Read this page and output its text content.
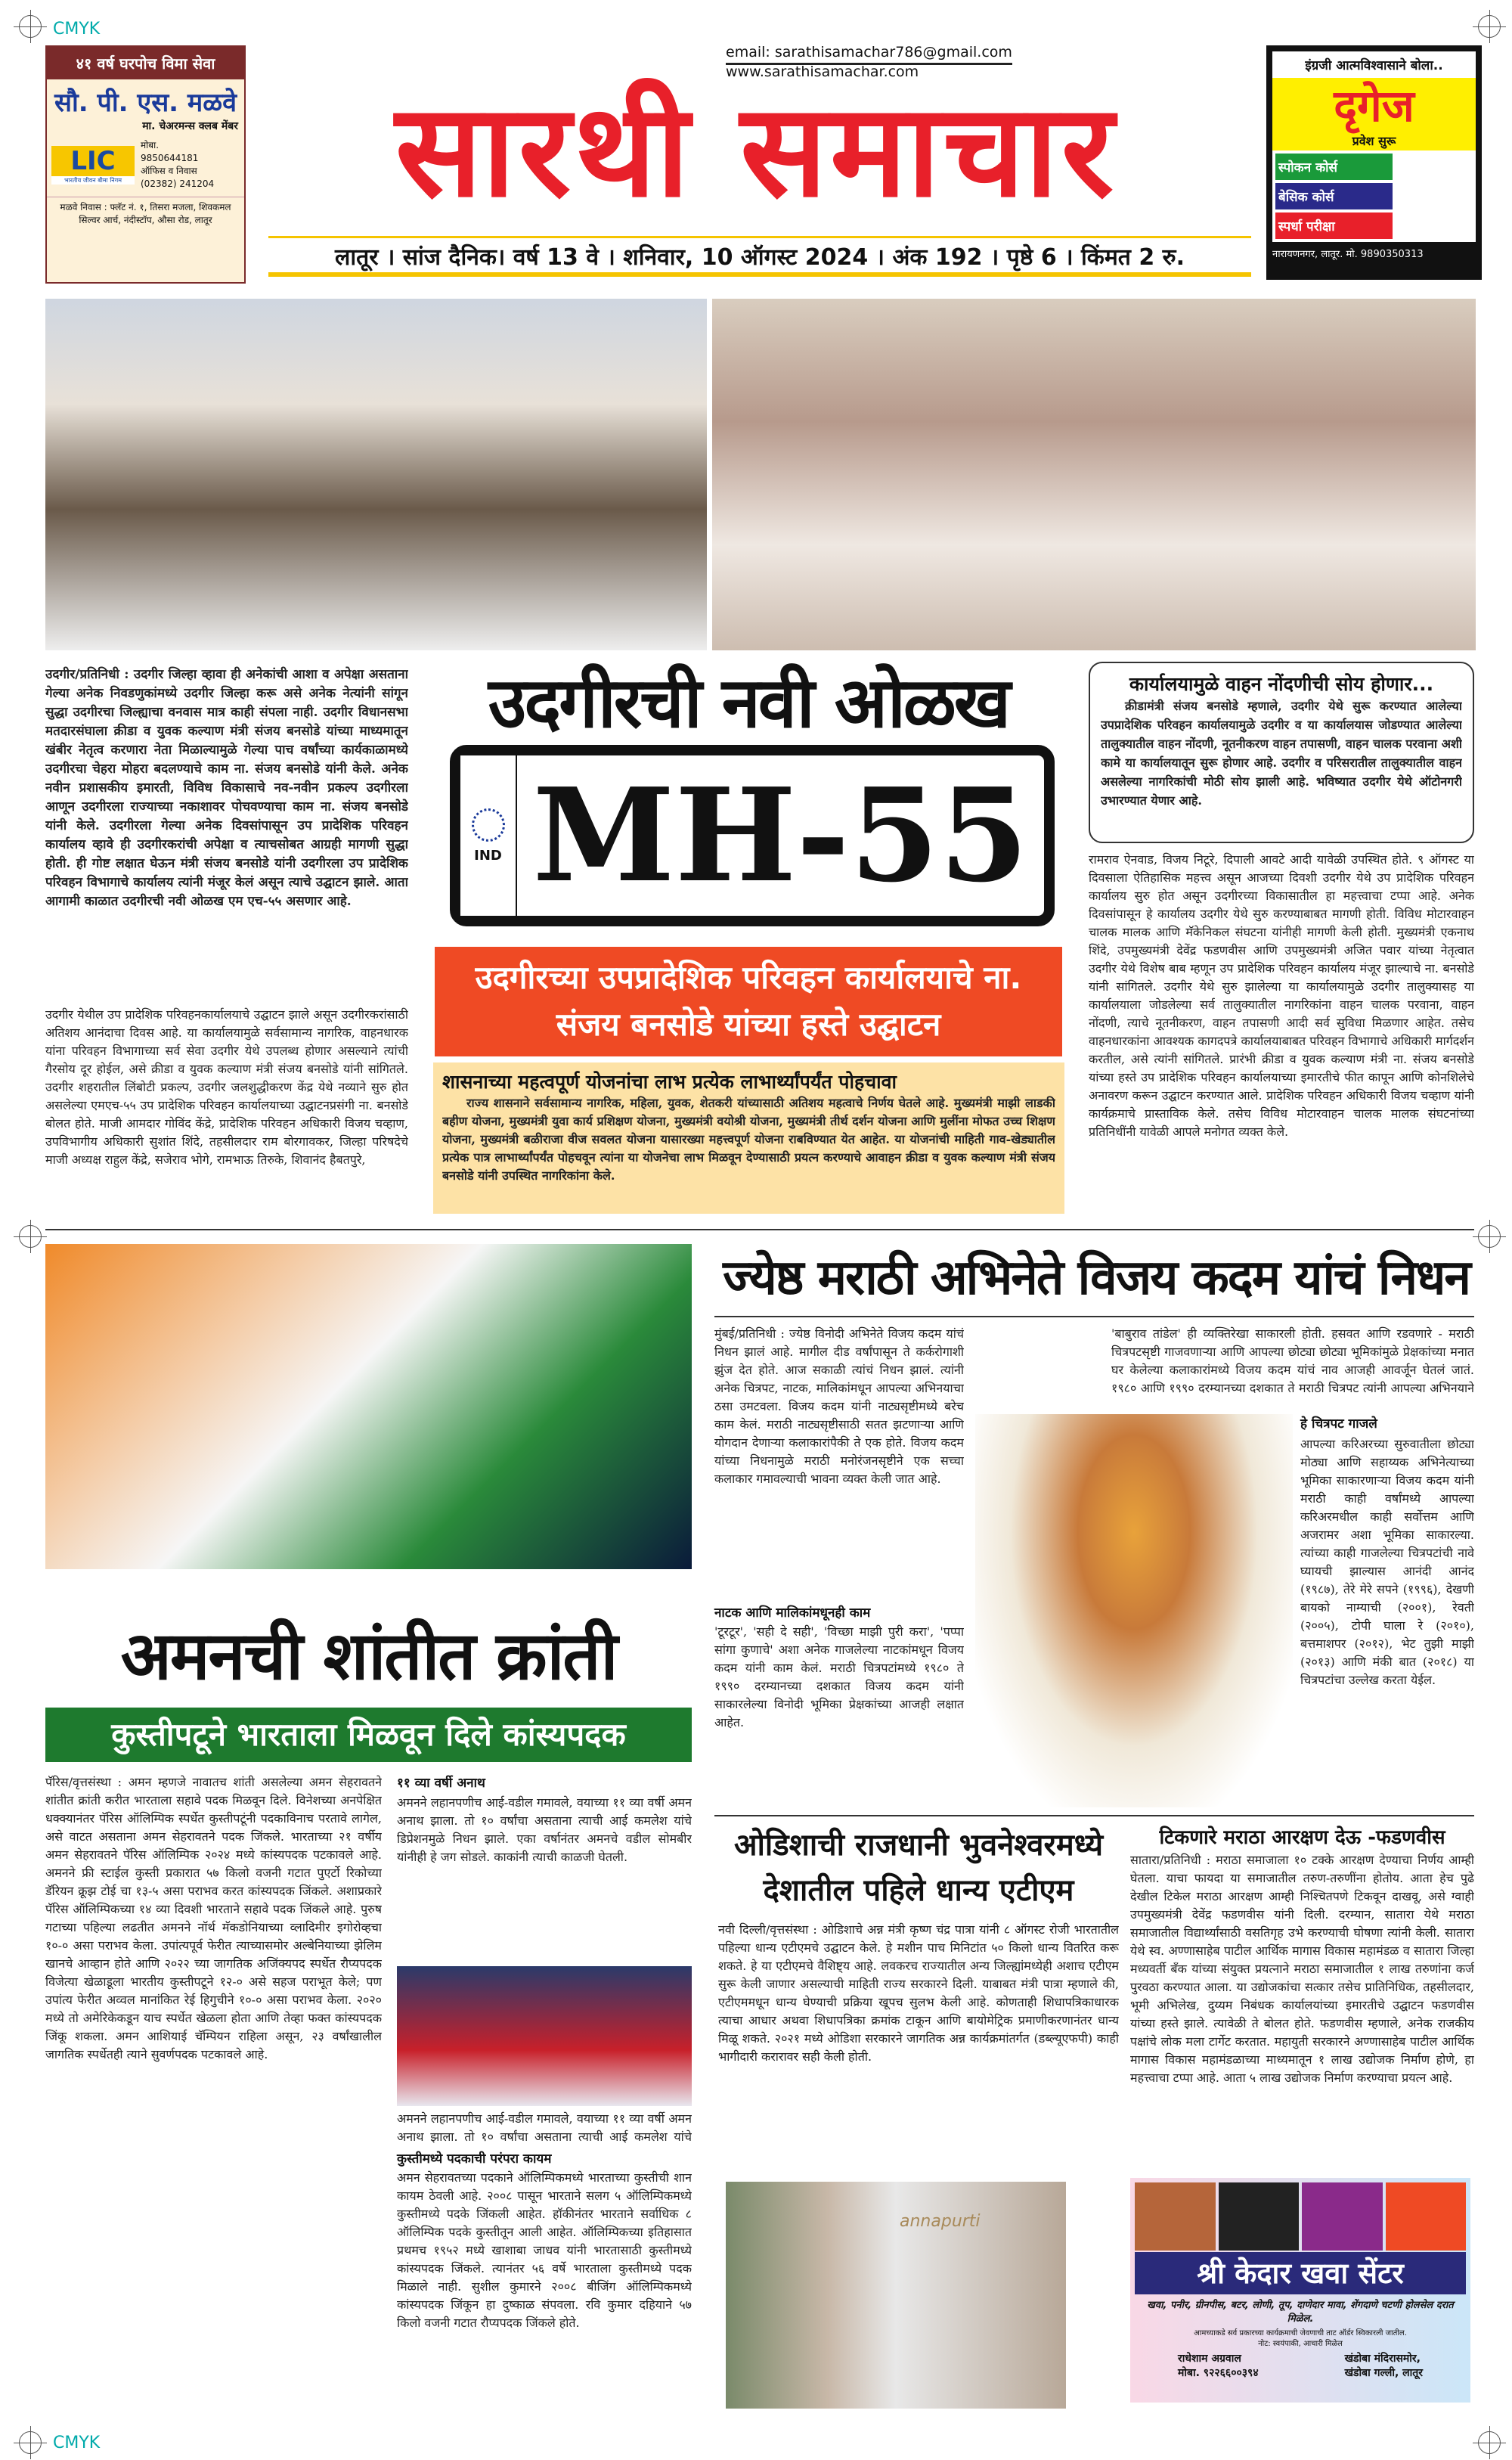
CMYK
CMYK
४१ वर्ष घरपोच विमा सेवा
सौ. पी. एस. मळवे
मा. चेअरमन्स क्लब मेंबर
LIC
भारतीय जीवन बीमा निगम
मोबा.
9850644181
ऑफिस व निवास
(02382) 241204
मळवे निवास : फ्लॅट नं. १, तिसरा मजला, शिवकमल सिल्वर आर्च, नंदीस्टॉप, औसा रोड, लातूर
email: sarathisamachar786@gmail.com
www.sarathisamachar.com
सारथी समाचार
लातूर । सांज दैनिक। वर्ष 13 वे । शनिवार, 10 ऑगस्ट 2024 । अंक 192 । पृष्ठे 6 । किंमत 2 रु.
इंग्रजी आत्मविश्वासाने बोला..
दृगेज
प्रवेश सुरू
स्पोकन कोर्स
बेसिक कोर्स
स्पर्धा परीक्षा
नारायणनगर, लातूर. मो. 9890350313
उदगीर/प्रतिनिधी : उदगीर जिल्हा व्हावा ही अनेकांची आशा व अपेक्षा असताना गेल्या अनेक निवडणुकांमध्ये उदगीर जिल्हा करू असे अनेक नेत्यांनी सांगून सुद्धा उदगीरचा जिल्ह्याचा वनवास मात्र काही संपला नाही. उदगीर विधानसभा मतदारसंघाला क्रीडा व युवक कल्याण मंत्री संजय बनसोडे यांच्या माध्यमातून खंबीर नेतृत्व करणारा नेता मिळाल्यामुळे गेल्या पाच वर्षांच्या कार्यकाळामध्ये उदगीरचा चेहरा मोहरा बदलण्याचे काम ना. संजय बनसोडे यांनी केले. अनेक नवीन प्रशासकीय इमारती, विविध विकासाचे नव-नवीन प्रकल्प उदगीरला आणून उदगीरला राज्याच्या नकाशावर पोचवण्याचा काम ना. संजय बनसोडे यांनी केले. उदगीरला गेल्या अनेक दिवसांपासून उप प्रादेशिक परिवहन कार्यालय व्हावे ही उदगीरकरांची अपेक्षा व त्याचसोबत आग्रही मागणी सुद्धा होती. ही गोष्ट लक्षात घेऊन मंत्री संजय बनसोडे यांनी उदगीरला उप प्रादेशिक परिवहन विभागाचे कार्यालय त्यांनी मंजूर केलं असून त्याचे उद्घाटन झाले. आता आगामी काळात उदगीरची नवी ओळख एम एच-५५ असणार आहे.
उदगीर येथील उप प्रादेशिक परिवहनकार्यालयाचे उद्घाटन झाले असून उदगीरकरांसाठी अतिशय आनंदाचा दिवस आहे. या कार्यालयामुळे सर्वसामान्य नागरिक, वाहनधारक यांना परिवहन विभागाच्या सर्व सेवा उदगीर येथे उपलब्ध होणार असल्याने त्यांची गैरसोय दूर होईल, असे क्रीडा व युवक कल्याण मंत्री संजय बनसोडे यांनी सांगितले. उदगीर शहरातील लिंबोटी प्रकल्प, उदगीर जलशुद्धीकरण केंद्र येथे नव्याने सुरु होत असलेल्या एमएच-५५ उप प्रादेशिक परिवहन कार्यालयाच्या उद्घाटनप्रसंगी ना. बनसोडे बोलत होते. माजी आमदार गोविंद केंद्रे, प्रादेशिक परिवहन अधिकारी विजय चव्हाण, उपविभागीय अधिकारी सुशांत शिंदे, तहसीलदार राम बोरगावकर, जिल्हा परिषदेचे माजी अध्यक्ष राहुल केंद्रे, सजेराव भोगे, रामभाऊ तिरुके, शिवानंद हैबतपुरे,
उदगीरची नवी ओळख
IND MH-55
उदगीरच्या उपप्रादेशिक परिवहन कार्यालयाचे ना. संजय बनसोडे यांच्या हस्ते उद्घाटन
शासनाच्या महत्वपूर्ण योजनांचा लाभ प्रत्येक लाभार्थ्यांपर्यंत पोहचावा
राज्य शासनाने सर्वसामान्य नागरिक, महिला, युवक, शेतकरी यांच्यासाठी अतिशय महत्वाचे निर्णय घेतले आहे. मुख्यमंत्री माझी लाडकी बहीण योजना, मुख्यमंत्री युवा कार्य प्रशिक्षण योजना, मुख्यमंत्री वयोश्री योजना, मुख्यमंत्री तीर्थ दर्शन योजना आणि मुलींना मोफत उच्च शिक्षण योजना, मुख्यमंत्री बळीराजा वीज सवलत योजना यासारख्या महत्त्वपूर्ण योजना राबविण्यात येत आहेत. या योजनांची माहिती गाव-खेड्यातील प्रत्येक पात्र लाभार्थ्यांपर्यंत पोहचवून त्यांना या योजनेचा लाभ मिळवून देण्यासाठी प्रयत्न करण्याचे आवाहन क्रीडा व युवक कल्याण मंत्री संजय बनसोडे यांनी उपस्थित नागरिकांना केले.
कार्यालयामुळे वाहन नोंदणीची सोय होणार...
क्रीडामंत्री संजय बनसोडे म्हणाले, उदगीर येथे सुरू करण्यात आलेल्या उपप्रादेशिक परिवहन कार्यालयामुळे उदगीर व या कार्यालयास जोडण्यात आलेल्या तालुक्यातील वाहन नोंदणी, नूतनीकरण वाहन तपासणी, वाहन चालक परवाना अशी कामे या कार्यालयातून सुरू होणार आहे. उदगीर व परिसरातील तालुक्यातील वाहन असलेल्या नागरिकांची मोठी सोय झाली आहे. भविष्यात उदगीर येथे ऑटोनगरी उभारण्यात येणार आहे.
रामराव ऐनवाड, विजय निटूरे, दिपाली आवटे आदी यावेळी उपस्थित होते. ९ ऑगस्ट या दिवसाला ऐतिहासिक महत्त्व असून आजच्या दिवशी उदगीर येथे उप प्रादेशिक परिवहन कार्यालय सुरु होत असून उदगीरच्या विकासातील हा महत्त्वाचा टप्पा आहे. अनेक दिवसांपासून हे कार्यालय उदगीर येथे सुरु करण्याबाबत मागणी होती. विविध मोटारवाहन चालक मालक आणि मॅकेनिकल संघटना यांनीही मागणी केली होती. मुख्यमंत्री एकनाथ शिंदे, उपमुख्यमंत्री देवेंद्र फडणवीस आणि उपमुख्यमंत्री अजित पवार यांच्या नेतृत्वात उदगीर येथे विशेष बाब म्हणून उप प्रादेशिक परिवहन कार्यालय मंजूर झाल्याचे ना. बनसोडे यांनी सांगितले. उदगीर येथे सुरु झालेल्या या कार्यालयामुळे उदगीर तालुक्यासह या कार्यालयाला जोडलेल्या सर्व तालुक्यातील नागरिकांना वाहन चालक परवाना, वाहन नोंदणी, त्याचे नूतनीकरण, वाहन तपासणी आदी सर्व सुविधा मिळणार आहेत. तसेच वाहनधारकांना आवश्यक कागदपत्रे कार्यालयाबाबत परिवहन विभागाचे अधिकारी मार्गदर्शन करतील, असे त्यांनी सांगितले. प्रारंभी क्रीडा व युवक कल्याण मंत्री ना. संजय बनसोडे यांच्या हस्ते उप प्रादेशिक परिवहन कार्यालयाच्या इमारतीचे फीत कापून आणि कोनशिलेचे अनावरण करून उद्घाटन करण्यात आले. प्रादेशिक परिवहन अधिकारी विजय चव्हाण यांनी कार्यक्रमाचे प्रास्ताविक केले. तसेच विविध मोटारवाहन चालक मालक संघटनांच्या प्रतिनिधींनी यावेळी आपले मनोगत व्यक्त केले.
अमनची शांतीत क्रांती
कुस्तीपटूने भारताला मिळवून दिले कांस्यपदक
पॅरिस/वृत्तसंस्था : अमन म्हणजे नावातच शांती असलेल्या अमन सेहरावतने शांतीत क्रांती करीत भारताला सहावे पदक मिळवून दिले. विनेशच्या अनपेक्षित धक्क्यानंतर पॅरिस ऑलिम्पिक स्पर्धेत कुस्तीपटूंनी पदकाविनाच परतावे लागेल, असे वाटत असताना अमन सेहरावतने पदक जिंकले. भारताच्या २१ वर्षीय अमन सेहरावतने पॅरिस ऑलिम्पिक २०२४ मध्ये कांस्यपदक पटकावले आहे. अमनने फ्री स्टाईल कुस्ती प्रकारात ५७ किलो वजनी गटात पुएर्टो रिकोच्या डॅरियन क्रूझ टोई चा १३-५ असा पराभव करत कांस्यपदक जिंकले. अशाप्रकारे पॅरिस ऑलिम्पिकच्या १४ व्या दिवशी भारताने सहावे पदक जिंकले आहे. पुरुष गटाच्या पहिल्या लढतीत अमनने नॉर्थ मॅकडोनियाच्या व्लादिमीर इगोरोव्हचा १०-० असा पराभव केला. उपांत्यपूर्व फेरीत त्याच्यासमोर अल्बेनियाच्या झेलिम खानचे आव्हान होते आणि २०२२ च्या जागतिक अजिंक्यपद स्पर्धेत रौप्यपदक विजेत्या खेळाडूला भारतीय कुस्तीपटूने १२-० असे सहज पराभूत केले; पण उपांत्य फेरीत अव्वल मानांकित रेई हिगुचीने १०-० असा पराभव केला. २०२० मध्ये तो अमेरिकेकडून याच स्पर्धेत खेळला होता आणि तेव्हा फक्त कांस्यपदक जिंकू शकला. अमन आशियाई चॅम्पियन राहिला असून, २३ वर्षांखालील जागतिक स्पर्धेतही त्याने सुवर्णपदक पटकावले आहे.
११ व्या वर्षी अनाथ
अमनने लहानपणीच आई-वडील गमावले, वयाच्या ११ व्या वर्षी अमन अनाथ झाला. तो १० वर्षांचा असताना त्याची आई कमलेश यांचे डिप्रेशनमुळे निधन झाले. एका वर्षानंतर अमनचे वडील सोमबीर यांनीही हे जग सोडले. काकांनी त्याची काळजी घेतली.
अमनने लहानपणीच आई-वडील गमावले, वयाच्या ११ व्या वर्षी अमन अनाथ झाला. तो १० वर्षांचा असताना त्याची आई कमलेश यांचे
कुस्तीमध्ये पदकाची परंपरा कायम
अमन सेहरावतच्या पदकाने ऑलिम्पिकमध्ये भारताच्या कुस्तीची शान कायम ठेवली आहे. २००८ पासून भारताने सलग ५ ऑलिम्पिकमध्ये कुस्तीमध्ये पदके जिंकली आहेत. हॉकीनंतर भारताने सर्वाधिक ८ ऑलिम्पिक पदके कुस्तीतून आली आहेत. ऑलिम्पिकच्या इतिहासात प्रथमच १९५२ मध्ये खाशाबा जाधव यांनी भारतासाठी कुस्तीमध्ये कांस्यपदक जिंकले. त्यानंतर ५६ वर्षे भारताला कुस्तीमध्ये पदक मिळाले नाही. सुशील कुमारने २००८ बीजिंग ऑलिम्पिकमध्ये कांस्यपदक जिंकून हा दुष्काळ संपवला. रवि कुमार दहियाने ५७ किलो वजनी गटात रौप्यपदक जिंकले होते.
ज्येष्ठ मराठी अभिनेते विजय कदम यांचं निधन
मुंबई/प्रतिनिधी : ज्येष्ठ विनोदी अभिनेते विजय कदम यांचं निधन झालं आहे. मागील दीड वर्षांपासून ते कर्करोगाशी झुंज देत होते. आज सकाळी त्यांचं निधन झालं. त्यांनी अनेक चित्रपट, नाटक, मालिकांमधून आपल्या अभिनयाचा ठसा उमटवला. विजय कदम यांनी नाट्यसृष्टीमध्ये बरेच काम केलं. मराठी नाट्यसृष्टीसाठी सतत झटणाऱ्या आणि योगदान देणाऱ्या कलाकारांपैकी ते एक होते. विजय कदम यांच्या निधनामुळे मराठी मनोरंजनसृष्टीने एक सच्चा कलाकार गमावल्याची भावना व्यक्त केली जात आहे.
नाटक आणि मालिकांमधूनही काम
'टूरटूर', 'सही दे सही', 'विच्छा माझी पुरी करा', 'पप्पा सांगा कुणाचे' अशा अनेक गाजलेल्या नाटकांमधून विजय कदम यांनी काम केलं. मराठी चित्रपटांमध्ये १९८० ते १९९० दरम्यानच्या दशकात विजय कदम यांनी साकारलेल्या विनोदी भूमिका प्रेक्षकांच्या आजही लक्षात आहेत.
'बाबुराव तांडेल' ही व्यक्तिरेखा साकारली होती. हसवत आणि रडवणारे - मराठी चित्रपटसृष्टी गाजवणाऱ्या आणि आपल्या छोट्या छोट्या भूमिकांमुळे प्रेक्षकांच्या मनात घर केलेल्या कलाकारांमध्ये विजय कदम यांचं नाव आजही आवर्जून घेतलं जातं. १९८० आणि १९९० दरम्यानच्या दशकात ते मराठी चित्रपट त्यांनी आपल्या अभिनयाने
हे चित्रपट गाजले
आपल्या करिअरच्या सुरुवातीला छोट्या मोठ्या आणि सहाय्यक अभिनेत्याच्या भूमिका साकारणाऱ्या विजय कदम यांनी मराठी काही वर्षांमध्ये आपल्या करिअरमधील काही सर्वोत्तम आणि अजरामर अशा भूमिका साकारल्या. त्यांच्या काही गाजलेल्या चित्रपटांची नावे घ्यायची झाल्यास आनंदी आनंद (१९८७), तेरे मेरे सपने (१९९६), देखणी बायको नाम्याची (२००१), रेवती (२००५), टोपी घाला रे (२०१०), बत्तमाशपर (२०१२), भेट तुझी माझी (२०१३) आणि मंकी बात (२०१८) या चित्रपटांचा उल्लेख करता येईल.
ओडिशाची राजधानी भुवनेश्वरमध्ये देशातील पहिले धान्य एटीएम
नवी दिल्ली/वृत्तसंस्था : ओडिशाचे अन्न मंत्री कृष्ण चंद्र पात्रा यांनी ८ ऑगस्ट रोजी भारतातील पहिल्या धान्य एटीएमचे उद्घाटन केले. हे मशीन पाच मिनिटांत ५० किलो धान्य वितरित करू शकते. हे या एटीएमचे वैशिष्ट्य आहे. लवकरच राज्यातील अन्य जिल्ह्यांमध्येही अशाच एटीएम सुरू केली जाणार असल्याची माहिती राज्य सरकारने दिली. याबाबत मंत्री पात्रा म्हणाले की, एटीएममधून धान्य घेण्याची प्रक्रिया खूपच सुलभ केली आहे. कोणताही शिधापत्रिकाधारक त्याचा आधार अथवा शिधापत्रिका क्रमांक टाकून आणि बायोमेट्रिक प्रमाणीकरणानंतर धान्य मिळू शकते. २०२१ मध्ये ओडिशा सरकारने जागतिक अन्न कार्यक्रमांतर्गत (डब्ल्यूएफपी) काही भागीदारी करारावर सही केली होती.
annapurti
टिकणारे मराठा आरक्षण देऊ -फडणवीस
सातारा/प्रतिनिधी : मराठा समाजाला १० टक्के आरक्षण देण्याचा निर्णय आम्ही घेतला. याचा फायदा या समाजातील तरुण-तरुणींना होतोय. आता हेच पुढे देखील टिकेल मराठा आरक्षण आम्ही निश्चितपणे टिकवून दाखवू, असे ग्वाही उपमुख्यमंत्री देवेंद्र फडणवीस यांनी दिली. दरम्यान, सातारा येथे मराठा समाजातील विद्यार्थ्यांसाठी वसतिगृह उभे करण्याची घोषणा त्यांनी केली. सातारा येथे स्व. अण्णासाहेब पाटील आर्थिक मागास विकास महामंडळ व सातारा जिल्हा मध्यवर्ती बँक यांच्या संयुक्त प्रयत्नाने मराठा समाजातील १ लाख तरुणांना कर्ज पुरवठा करण्यात आला. या उद्योजकांचा सत्कार तसेच प्रातिनिधिक, तहसीलदार, भूमी अभिलेख, दुय्यम निबंधक कार्यालयांच्या इमारतीचे उद्घाटन फडणवीस यांच्या हस्ते झाले. त्यावेळी ते बोलत होते. फडणवीस म्हणाले, अनेक राजकीय पक्षांचे लोक मला टार्गेट करतात. महायुती सरकारने अण्णासाहेब पाटील आर्थिक मागास विकास महामंडळाच्या माध्यमातून १ लाख उद्योजक निर्माण होणे, हा महत्त्वाचा टप्पा आहे. आता ५ लाख उद्योजक निर्माण करण्याचा प्रयत्न आहे.
श्री केदार खवा सेंटर
खवा, पनीर, ग्रीनपीस, बटर, लोणी, तूप, दाणेदार मावा, शेंगदाणे चटणी होलसेल दरात मिळेल.
आमच्याकडे सर्व प्रकारच्या कार्यक्रमाची जेवणाची ताट ऑर्डर स्विकारली जातील.
नोट: स्वयंपाकी, आचारी मिळेल
राधेशाम अग्रवाल
मोबा. ९२२६६००३९४
खंडोबा मंदिरासमोर,
खंडोबा गल्ली, लातूर
